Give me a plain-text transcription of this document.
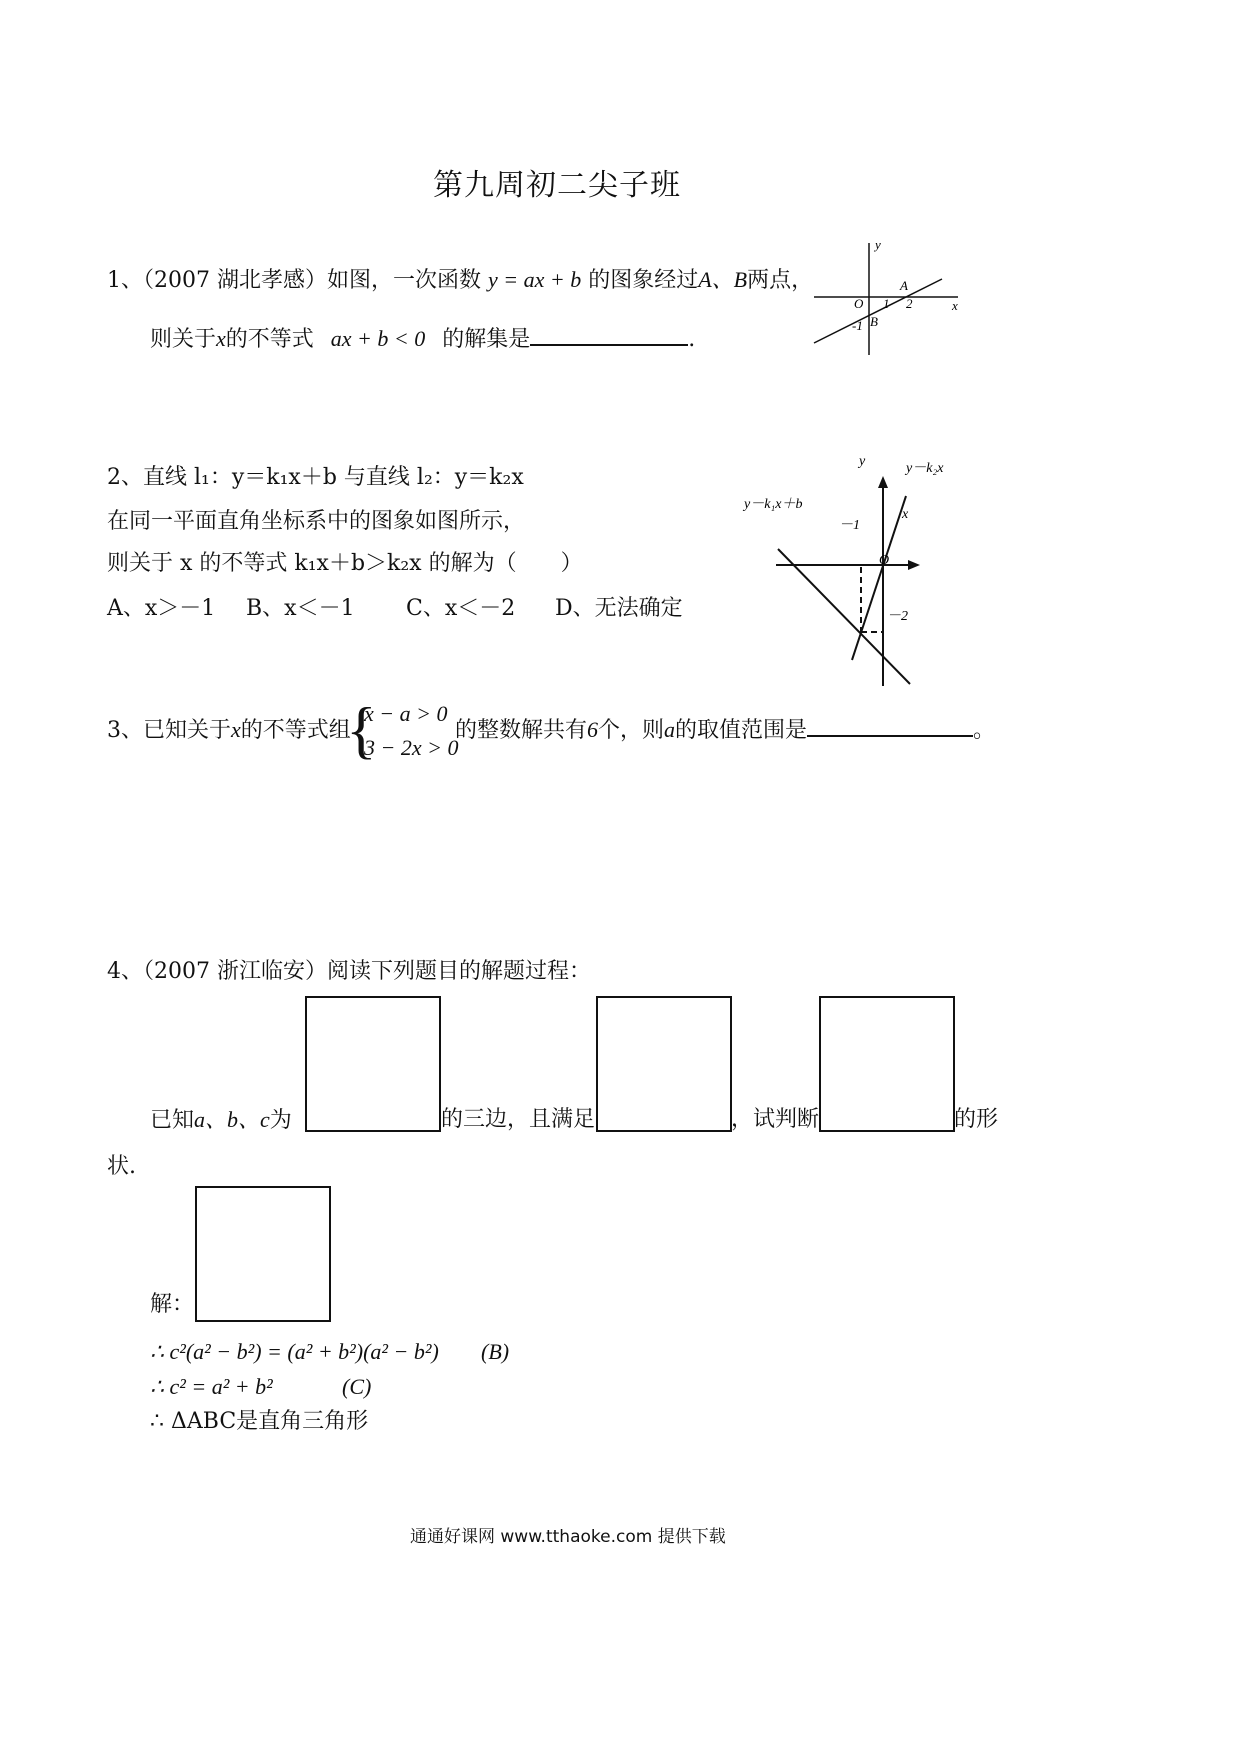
第九周初二尖子班
1、（2007 湖北孝感）如图，一次函数 y = ax + b 的图象经过A、B两点，
则关于x的不等式 ax + b < 0 的解集是	.
y
x
O 1 2
-1
A
B
2、直线 l₁：y＝k₁x＋b 与直线 l₂：y＝k₂x
在同一平面直角坐标系中的图象如图所示，
则关于 x 的不等式 k₁x＋b＞k₂x 的解为（　　）
A、x＞－1 B、x＜－1 C、x＜－2 D、无法确定
y	y－k₂x
y－k₁x＋b
－1
x
O
－2
3、已知关于x的不等式组
{
x − a > 0
3 − 2x > 0
的整数解共有6个，则a的取值范围是	。
4、（2007 浙江临安）阅读下列题目的解题过程：
已知a、b、c为	的三边，且满足	，试判断	的形
状.
解：
∴ c²(a² − b²) = (a² + b²)(a² − b²) (B)
∴ c² = a² + b²	(C)
∴ ΔABC是直角三角形
通通好课网 www.tthaoke.com 提供下载
